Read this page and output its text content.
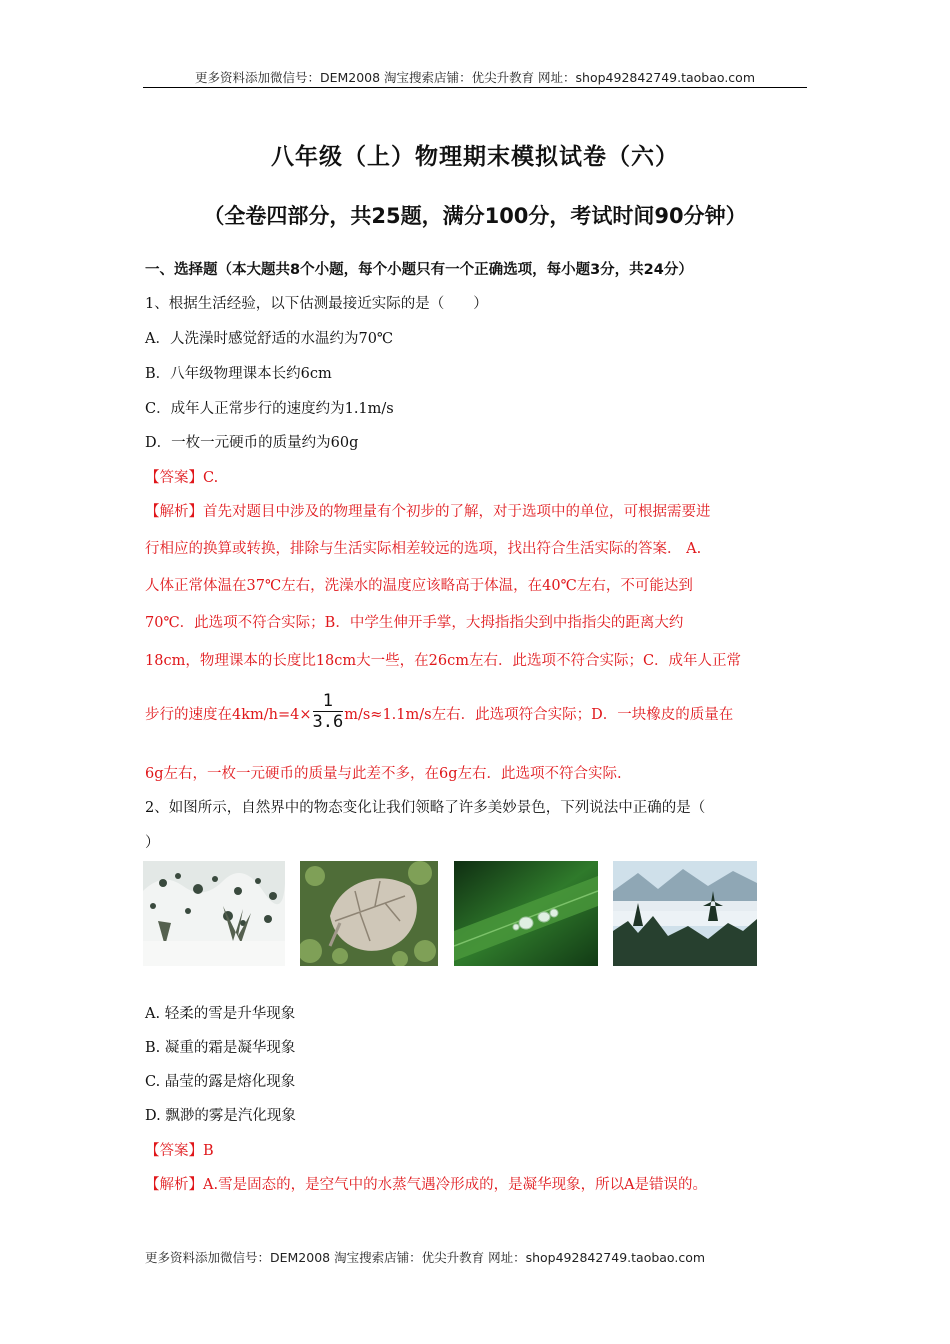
更多资料添加微信号：DEM2008 淘宝搜索店铺：优尖升教育 网址：shop492842749.taobao.com
八年级（上）物理期末模拟试卷（六）
（全卷四部分，共25题，满分100分，考试时间90分钟）
一、选择题（本大题共8个小题，每个小题只有一个正确选项，每小题3分，共24分）
1、根据生活经验，以下估测最接近实际的是（　　）
A．人洗澡时感觉舒适的水温约为70℃
B．八年级物理课本长约6cm
C．成年人正常步行的速度约为1.1m/s
D．一枚一元硬币的质量约为60g
【答案】C.
【解析】首先对题目中涉及的物理量有个初步的了解，对于选项中的单位，可根据需要进
行相应的换算或转换，排除与生活实际相差较远的选项，找出符合生活实际的答案． A.
人体正常体温在37℃左右，洗澡水的温度应该略高于体温，在40℃左右，不可能达到
70℃．此选项不符合实际；B．中学生伸开手掌，大拇指指尖到中指指尖的距离大约
18cm，物理课本的长度比18cm大一些，在26cm左右．此选项不符合实际；C．成年人正常
步行的速度在$4km/h=4\times \frac{1}{3.6} m/s\approx 1.1m/s$左右．此选项符合实际；D．一块橡皮的质量在
6g左右，一枚一元硬币的质量与此差不多，在6g左右．此选项不符合实际.
2、如图所示，自然界中的物态变化让我们领略了许多美妙景色，下列说法中正确的是（
）
A. 轻柔的雪是升华现象
B. 凝重的霜是凝华现象
C. 晶莹的露是熔化现象
D. 飘渺的雾是汽化现象
【答案】B
【解析】A.雪是固态的，是空气中的水蒸气遇冷形成的，是凝华现象，所以A是错误的。
更多资料添加微信号：DEM2008 淘宝搜索店铺：优尖升教育 网址：shop492842749.taobao.com
